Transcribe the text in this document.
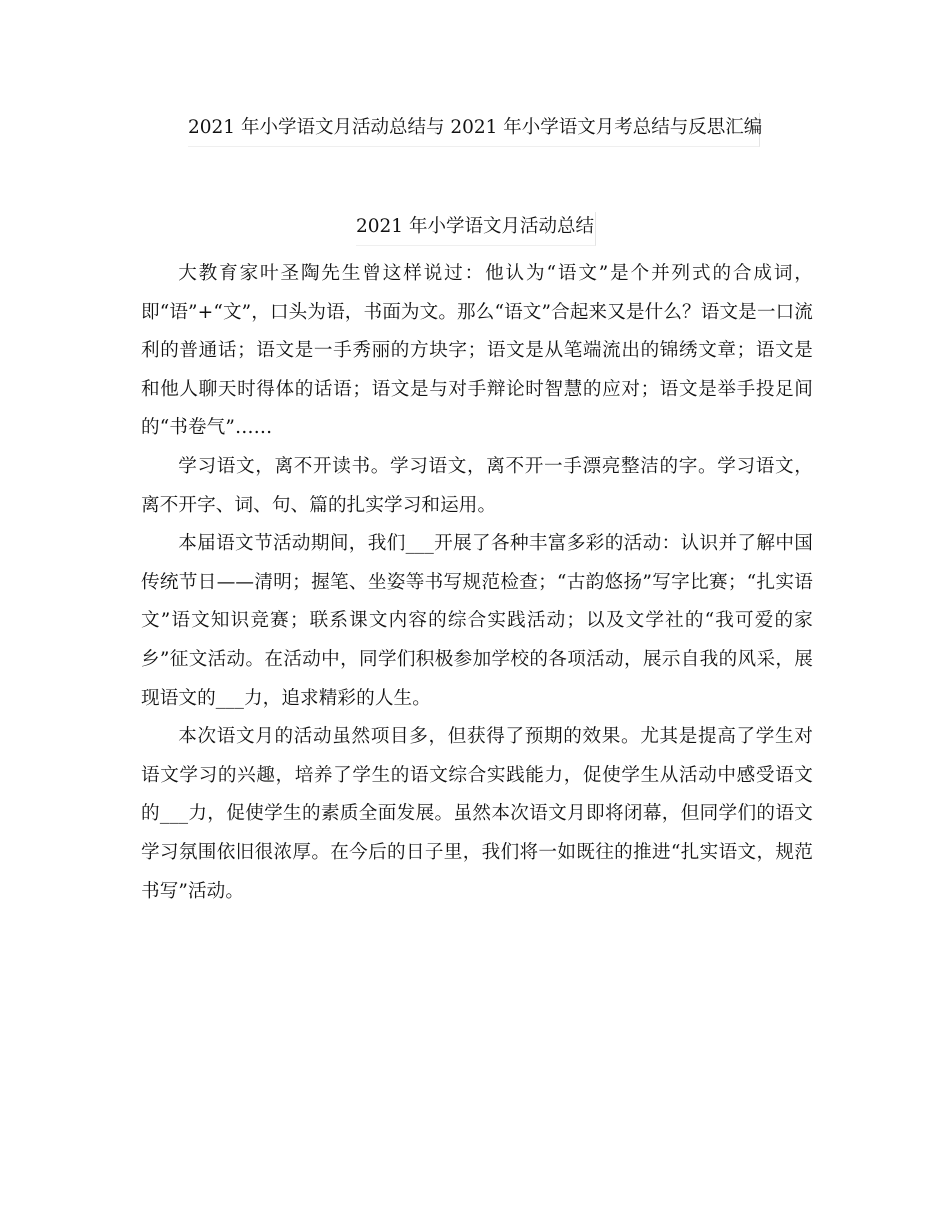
2021 年小学语文月活动总结与 2021 年小学语文月考总结与反思汇编
2021 年小学语文月活动总结

大教育家叶圣陶先生曾这样说过：他认为“语文”是个并列式的合成词，即“语”+“文”，口头为语，书面为文。那么“语文”合起来又是什么？语文是一口流利的普通话；语文是一手秀丽的方块字；语文是从笔端流出的锦绣文章；语文是和他人聊天时得体的话语；语文是与对手辩论时智慧的应对；语文是举手投足间的“书卷气”……

学习语文，离不开读书。学习语文，离不开一手漂亮整洁的字。学习语文，离不开字、词、句、篇的扎实学习和运用。

本届语文节活动期间，我们___开展了各种丰富多彩的活动：认识并了解中国传统节日——清明；握笔、坐姿等书写规范检查；“古韵悠扬”写字比赛；“扎实语文”语文知识竞赛；联系课文内容的综合实践活动；以及文学社的“我可爱的家乡”征文活动。在活动中，同学们积极参加学校的各项活动，展示自我的风采，展现语文的___力，追求精彩的人生。

本次语文月的活动虽然项目多，但获得了预期的效果。尤其是提高了学生对语文学习的兴趣，培养了学生的语文综合实践能力，促使学生从活动中感受语文的___力，促使学生的素质全面发展。虽然本次语文月即将闭幕，但同学们的语文学习氛围依旧很浓厚。在今后的日子里，我们将一如既往的推进“扎实语文，规范书写”活动。
